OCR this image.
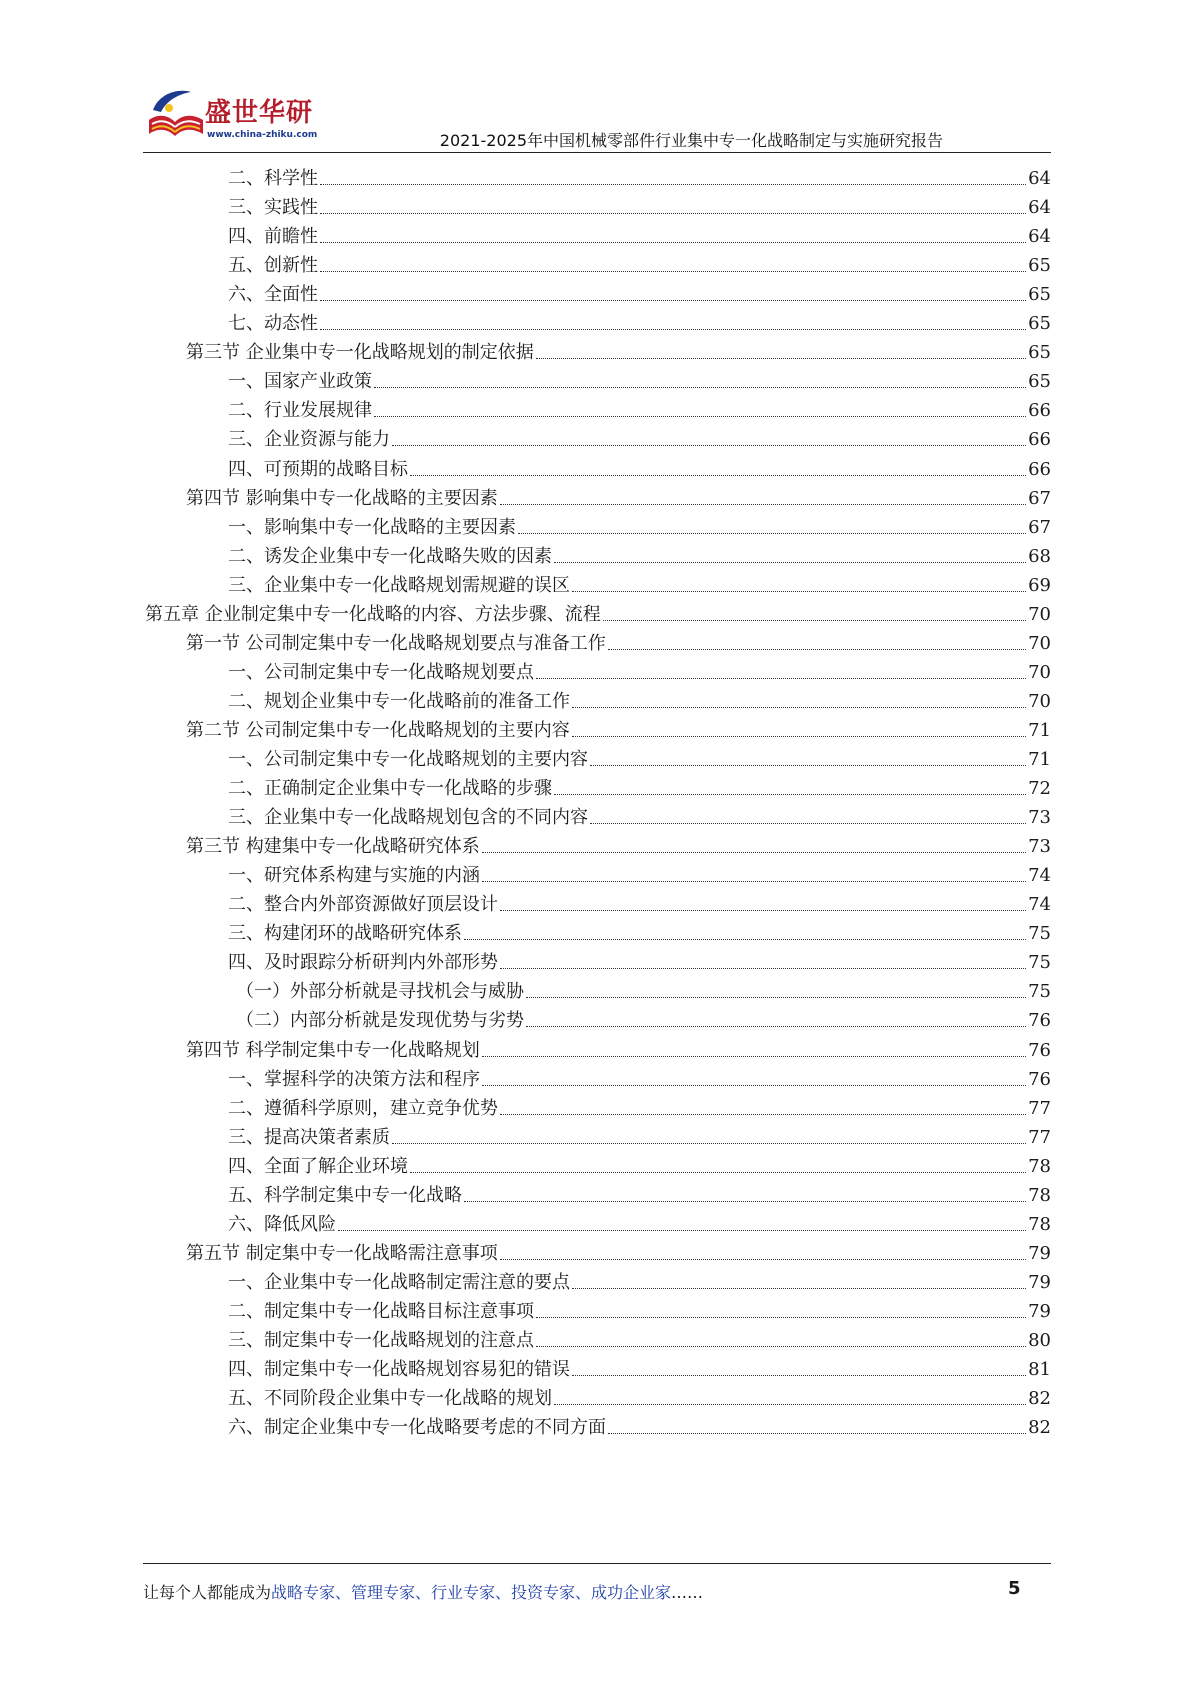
盛世华研
www.china-zhiku.com	2021-2025年中国机械零部件行业集中专一化战略制定与实施研究报告
二、科学性	64
三、实践性	64
四、前瞻性	64
五、创新性	65
六、全面性	65
七、动态性	65
第三节 企业集中专一化战略规划的制定依据	65
一、国家产业政策	65
二、行业发展规律	66
三、企业资源与能力	66
四、可预期的战略目标	66
第四节 影响集中专一化战略的主要因素	67
一、影响集中专一化战略的主要因素	67
二、诱发企业集中专一化战略失败的因素	68
三、企业集中专一化战略规划需规避的误区	69
第五章 企业制定集中专一化战略的内容、方法步骤、流程	70
第一节 公司制定集中专一化战略规划要点与准备工作	70
一、公司制定集中专一化战略规划要点	70
二、规划企业集中专一化战略前的准备工作	70
第二节 公司制定集中专一化战略规划的主要内容	71
一、公司制定集中专一化战略规划的主要内容	71
二、正确制定企业集中专一化战略的步骤	72
三、企业集中专一化战略规划包含的不同内容	73
第三节 构建集中专一化战略研究体系	73
一、研究体系构建与实施的内涵	74
二、整合内外部资源做好顶层设计	74
三、构建闭环的战略研究体系	75
四、及时跟踪分析研判内外部形势	75
（一）外部分析就是寻找机会与威胁	75
（二）内部分析就是发现优势与劣势	76
第四节 科学制定集中专一化战略规划	76
一、掌握科学的决策方法和程序	76
二、遵循科学原则，建立竞争优势	77
三、提高决策者素质	77
四、全面了解企业环境	78
五、科学制定集中专一化战略	78
六、降低风险	78
第五节 制定集中专一化战略需注意事项	79
一、企业集中专一化战略制定需注意的要点	79
二、制定集中专一化战略目标注意事项	79
三、制定集中专一化战略规划的注意点	80
四、制定集中专一化战略规划容易犯的错误	81
五、不同阶段企业集中专一化战略的规划	82
六、制定企业集中专一化战略要考虑的不同方面	82
让每个人都能成为战略专家、管理专家、行业专家、投资专家、成功企业家……	5
